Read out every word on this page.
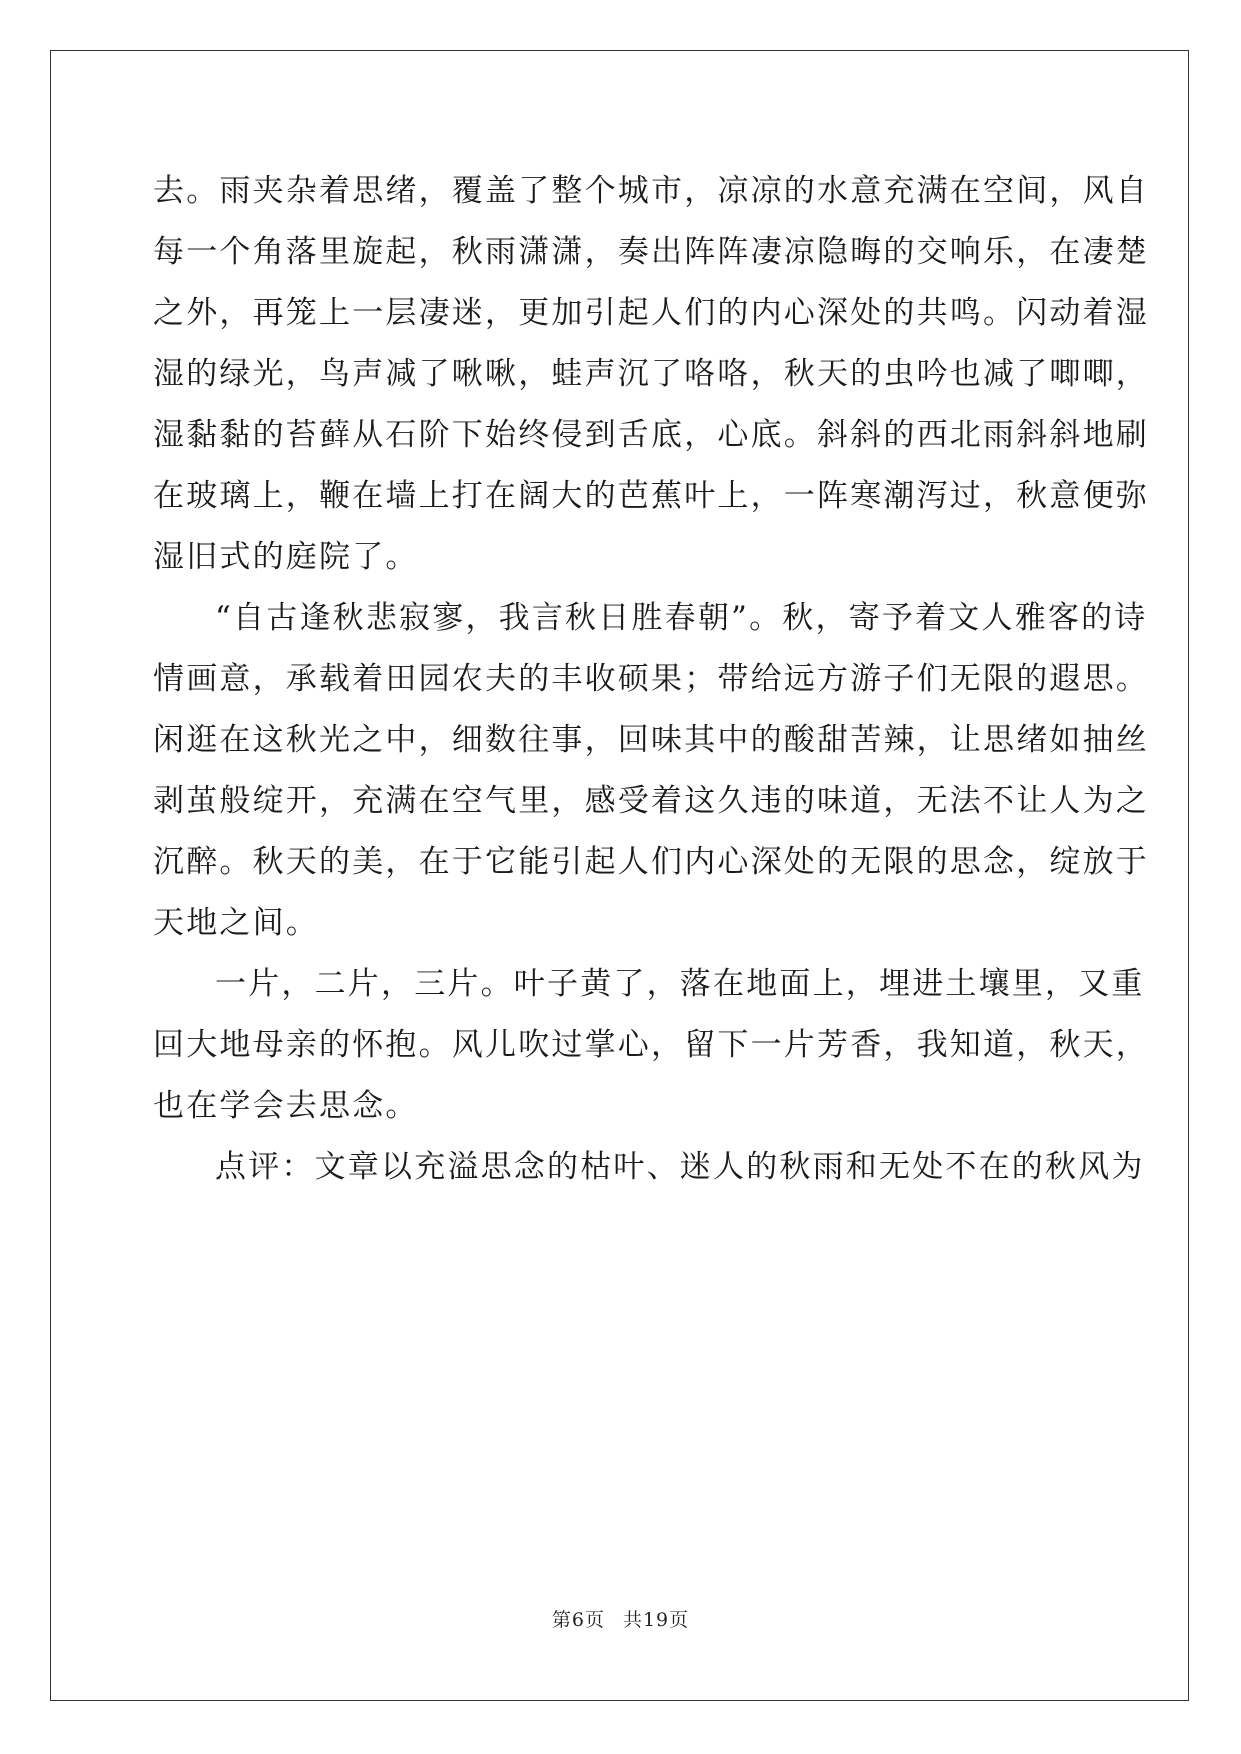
去。雨夹杂着思绪，覆盖了整个城市，凉凉的水意充满在空间，风自
每一个角落里旋起，秋雨潇潇，奏出阵阵凄凉隐晦的交响乐，在凄楚
之外，再笼上一层凄迷，更加引起人们的内心深处的共鸣。闪动着湿
湿的绿光，鸟声减了啾啾，蛙声沉了咯咯，秋天的虫吟也减了唧唧，
湿黏黏的苔藓从石阶下始终侵到舌底，心底。斜斜的西北雨斜斜地刷
在玻璃上，鞭在墙上打在阔大的芭蕉叶上，一阵寒潮泻过，秋意便弥
湿旧式的庭院了。

“自古逢秋悲寂寥，我言秋日胜春朝”。秋，寄予着文人雅客的诗
情画意，承载着田园农夫的丰收硕果；带给远方游子们无限的遐思。
闲逛在这秋光之中，细数往事，回味其中的酸甜苦辣，让思绪如抽丝
剥茧般绽开，充满在空气里，感受着这久违的味道，无法不让人为之
沉醉。秋天的美，在于它能引起人们内心深处的无限的思念，绽放于
天地之间。

一片，二片，三片。叶子黄了，落在地面上，埋进土壤里，又重
回大地母亲的怀抱。风儿吹过掌心，留下一片芳香，我知道，秋天，
也在学会去思念。

点评：文章以充溢思念的枯叶、迷人的秋雨和无处不在的秋风为

第6页 共19页
